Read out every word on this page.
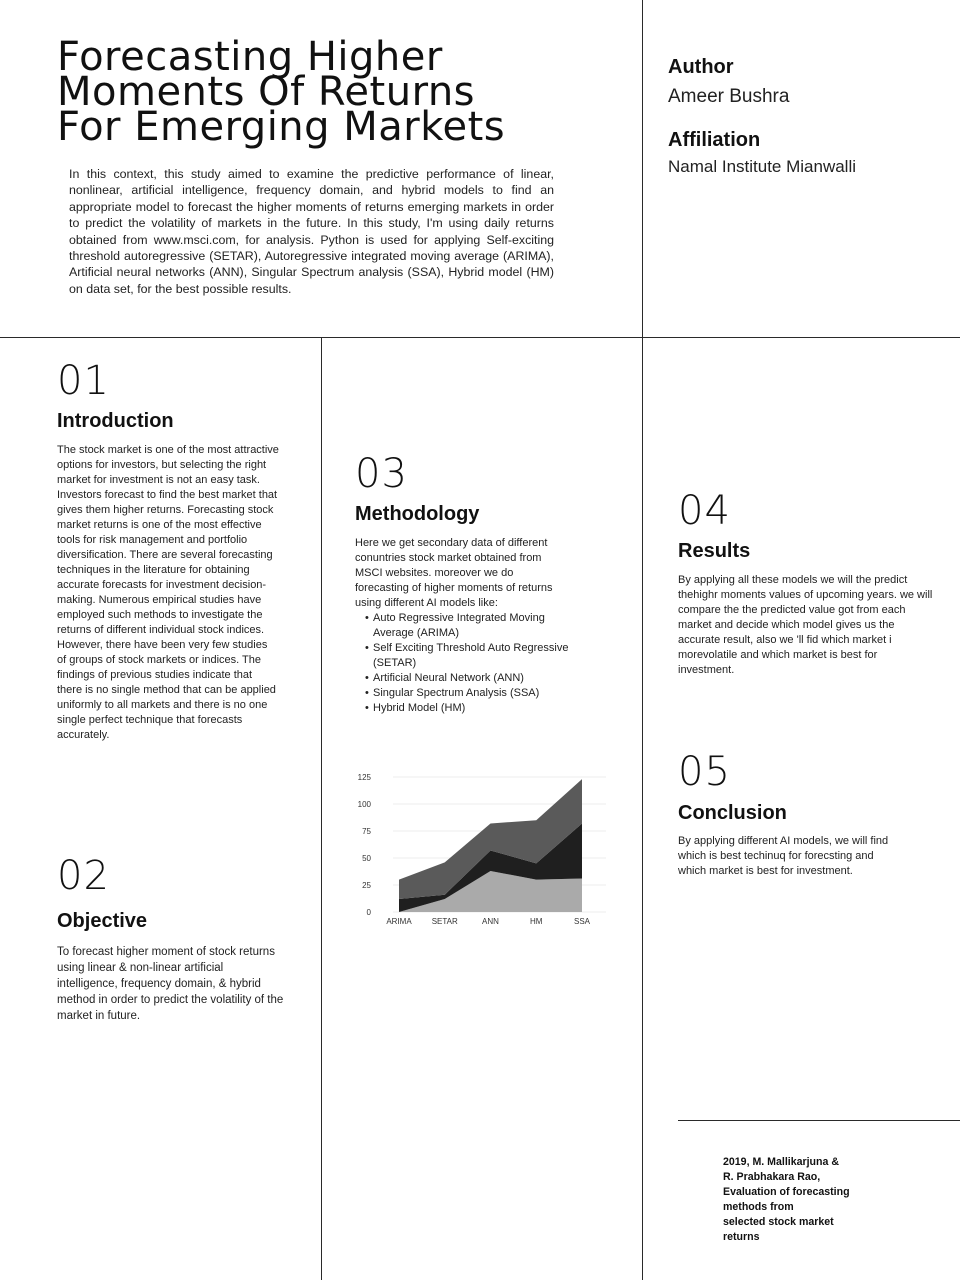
Forecasting Higher
Moments Of Returns
For Emerging Markets

In this context, this study aimed to examine the predictive performance of linear, nonlinear, artificial intelligence, frequency domain, and hybrid models to find an appropriate model to forecast the higher moments of returns emerging markets in order to predict the volatility of markets in the future. In this study, I'm using daily returns obtained from www.msci.com, for analysis. Python is used for applying Self-exciting threshold autoregressive (SETAR), Autoregressive integrated moving average (ARIMA), Artificial neural networks (ANN), Singular Spectrum analysis (SSA), Hybrid model (HM) on data set, for the best possible results.

Author

Ameer Bushra

Affiliation

Namal Institute Mianwalli

01

Introduction

The stock market is one of the most attractive options for investors, but selecting the right market for investment is not an easy task. Investors forecast to find the best market that gives them higher returns. Forecasting stock market returns is one of the most effective tools for risk management and portfolio diversification. There are several forecasting techniques in the literature for obtaining accurate forecasts for investment decision-making. Numerous empirical studies have employed such methods to investigate the returns of different individual stock indices. However, there have been very few studies of groups of stock markets or indices. The findings of previous studies indicate that there is no single method that can be applied uniformly to all markets and there is no one single perfect technique that forecasts accurately.

02

Objective

To forecast higher moment of stock returns using linear & non-linear artificial intelligence, frequency domain, & hybrid method in order to predict the volatility of the market in future.

03

Methodology

Here we get secondary data of different conuntries stock market obtained from MSCI websites. moreover we do forecasting of higher moments of returns using different AI models like:

• Auto Regressive Integrated Moving Average (ARIMA)
• Self Exciting Threshold Auto Regressive (SETAR)
• Artificial Neural Network (ANN)
• Singular Spectrum Analysis (SSA)
• Hybrid Model (HM)
0
25
50
75
100
125
ARIMA	SETAR	ANN	HM	SSA

04

Results

By applying all these models we will the predict thehighr moments values of upcoming years. we will compare the the predicted value got from each market and decide which model gives us the accurate result, also we 'll fid which market i morevolatile and which market is best for investment.

05

Conclusion

By applying different AI models, we will find which is best techinuq for forecsting and which market is best for investment.

2019, M. Mallikarjuna &
R. Prabhakara Rao,
Evaluation of forecasting
methods from
selected stock market
returns
